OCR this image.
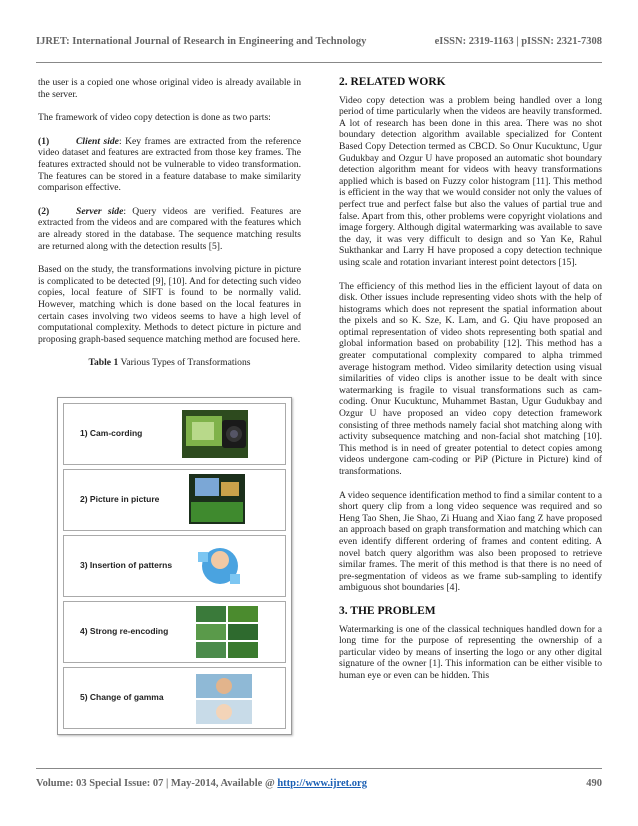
IJRET: International Journal of Research in Engineering and Technology	eISSN: 2319-1163 | pISSN: 2321-7308

the user is a copied one whose original video is already available in the server.

The framework of video copy detection is done as two parts:

(1)	Client side: Key frames are extracted from the reference video dataset and features are extracted from those key frames. The features extracted should not be vulnerable to video transformation. The features can be stored in a feature database to make similarity comparison effective.

(2)	Server side: Query videos are verified. Features are extracted from the videos and are compared with the features which are already stored in the database. The sequence matching results are returned along with the detection results [5].

Based on the study, the transformations involving picture in picture is complicated to be detected [9], [10]. And for detecting such video copies, local feature of SIFT is found to be normally valid. However, matching which is done based on the local features in certain cases involving two videos seems to have a high level of computational complexity. Methods to detect picture in picture and proposing graph-based sequence matching method are focused here.

Table 1 Various Types of Transformations
1) Cam-cording
2) Picture in picture
3) Insertion of patterns
4) Strong re-encoding
5) Change of gamma
2. RELATED WORK

Video copy detection was a problem being handled over a long period of time particularly when the videos are heavily transformed. A lot of research has been done in this area. There was no shot boundary detection algorithm available specialized for Content Based Copy Detection termed as CBCD. So Onur Kucuktunc, Ugur Gudukbay and Ozgur U have proposed an automatic shot boundary detection algorithm meant for videos with heavy transformations applied which is based on Fuzzy color histogram [11]. This method is efficient in the way that we would consider not only the values of perfect true and perfect false but also the values of partial true and false. Apart from this, other problems were copyright violations and image forgery. Although digital watermarking was available to save the day, it was very difficult to design and so Yan Ke, Rahul Sukthankar and Larry H have proposed a copy detection technique using scale and rotation invariant interest point detectors [15].

The efficiency of this method lies in the efficient layout of data on disk. Other issues include representing video shots with the help of histograms which does not represent the spatial information about the pixels and so K. Sze, K. Lam, and G. Qiu have proposed an optimal representation of video shots representing both spatial and global information based on probability [12]. This method has a greater computational complexity compared to alpha trimmed average histogram method. Video similarity detection using visual similarities of video clips is another issue to be dealt with since watermarking is fragile to visual transformations such as cam-coding. Onur Kucuktunc, Muhammet Bastan, Ugur Gudukbay and Ozgur U have proposed an video copy detection framework consisting of three methods namely facial shot matching along with activity subsequence matching and non-facial shot matching [10]. This method is in need of greater potential to detect copies among videos undergone cam-coding or PiP (Picture in Picture) kind of transformations.

A video sequence identification method to find a similar content to a short query clip from a long video sequence was required and so Heng Tao Shen, Jie Shao, Zi Huang and Xiao fang Z have proposed an approach based on graph transformation and matching which can even identify different ordering of frames and content editing. A novel batch query algorithm was also been proposed to retrieve similar frames. The merit of this method is that there is no need of pre-segmentation of videos as we frame sub-sampling to identify ambiguous shot boundaries [4].

3. THE PROBLEM

Watermarking is one of the classical techniques handled down for a long time for the purpose of representing the ownership of a particular video by means of inserting the logo or any other digital signature of the owner [1]. This information can be either visible to human eye or even can be hidden. This

Volume: 03 Special Issue: 07 | May-2014, Available @ http://www.ijret.org	490
